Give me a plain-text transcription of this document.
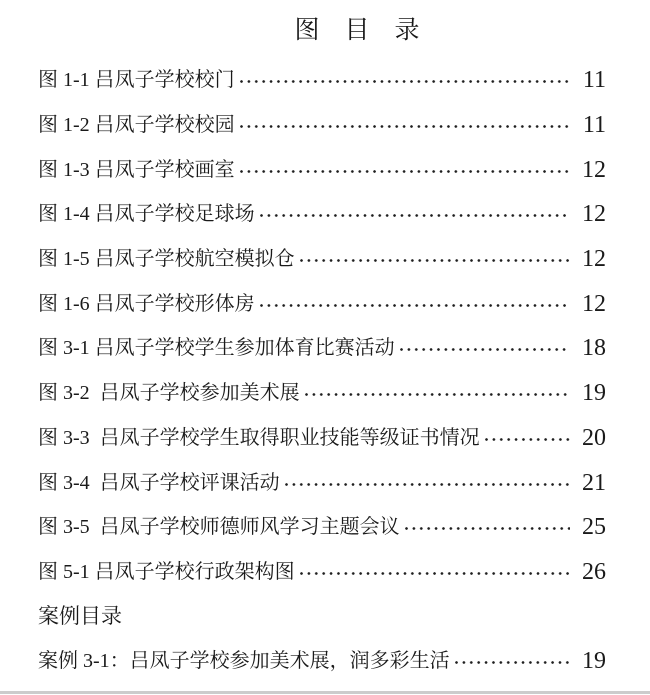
图　目　录
图 1-1 吕凤子学校校门	11
图 1-2 吕凤子学校校园	11
图 1-3 吕凤子学校画室	12
图 1-4 吕凤子学校足球场	12
图 1-5 吕凤子学校航空模拟仓	12
图 1-6 吕凤子学校形体房	12
图 3-1 吕凤子学校学生参加体育比赛活动	18
图 3-2  吕凤子学校参加美术展	19
图 3-3  吕凤子学校学生取得职业技能等级证书情况	20
图 3-4  吕凤子学校评课活动	21
图 3-5  吕凤子学校师德师风学习主题会议	25
图 5-1 吕凤子学校行政架构图	26
案例目录
案例 3-1：吕凤子学校参加美术展，润多彩生活	19
